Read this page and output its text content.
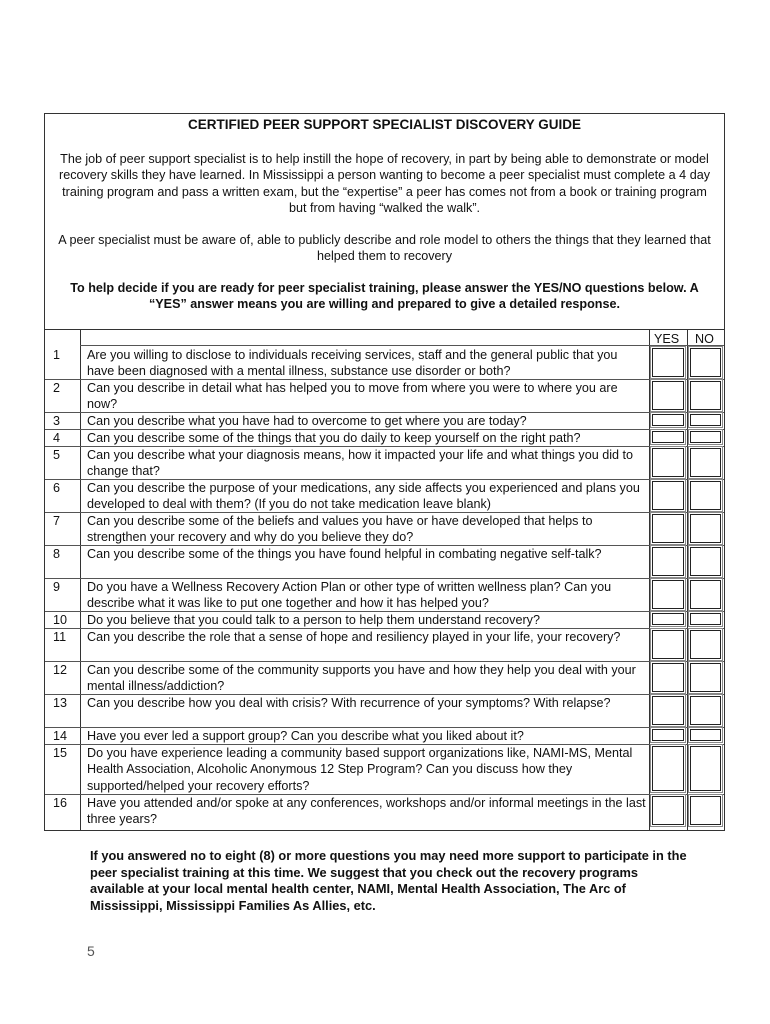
CERTIFIED PEER SUPPORT SPECIALIST DISCOVERY GUIDE

The job of peer support specialist is to help instill the hope of recovery, in part by being able to demonstrate or model recovery skills they have learned. In Mississippi a person wanting to become a peer specialist must complete a 4 day training program and pass a written exam, but the “expertise” a peer has comes not from a book or training program but from having “walked the walk”.

A peer specialist must be aware of, able to publicly describe and role model to others the things that they learned that helped them to recovery

To help decide if you are ready for peer specialist training, please answer the YES/NO questions below. A “YES” answer means you are willing and prepared to give a detailed response.

YES NO
1 Are you willing to disclose to individuals receiving services, staff and the general public that you have been diagnosed with a mental illness, substance use disorder or both?
2 Can you describe in detail what has helped you to move from where you were to where you are now?
3 Can you describe what you have had to overcome to get where you are today?
4 Can you describe some of the things that you do daily to keep yourself on the right path?
5 Can you describe what your diagnosis means, how it impacted your life and what things you did to change that?
6 Can you describe the purpose of your medications, any side affects you experienced and plans you developed to deal with them? (If you do not take medication leave blank)
7 Can you describe some of the beliefs and values you have or have developed that helps to strengthen your recovery and why do you believe they do?
8 Can you describe some of the things you have found helpful in combating negative self-talk?
9 Do you have a Wellness Recovery Action Plan or other type of written wellness plan? Can you describe what it was like to put one together and how it has helped you?
10 Do you believe that you could talk to a person to help them understand recovery?
11 Can you describe the role that a sense of hope and resiliency played in your life, your recovery?
12 Can you describe some of the community supports you have and how they help you deal with your mental illness/addiction?
13 Can you describe how you deal with crisis? With recurrence of your symptoms? With relapse?
14 Have you ever led a support group? Can you describe what you liked about it?
15 Do you have experience leading a community based support organizations like, NAMI-MS, Mental Health Association, Alcoholic Anonymous 12 Step Program? Can you discuss how they supported/helped your recovery efforts?
16 Have you attended and/or spoke at any conferences, workshops and/or informal meetings in the last three years?

If you answered no to eight (8) or more questions you may need more support to participate in the peer specialist training at this time. We suggest that you check out the recovery programs available at your local mental health center, NAMI, Mental Health Association, The Arc of Mississippi, Mississippi Families As Allies, etc.

5
